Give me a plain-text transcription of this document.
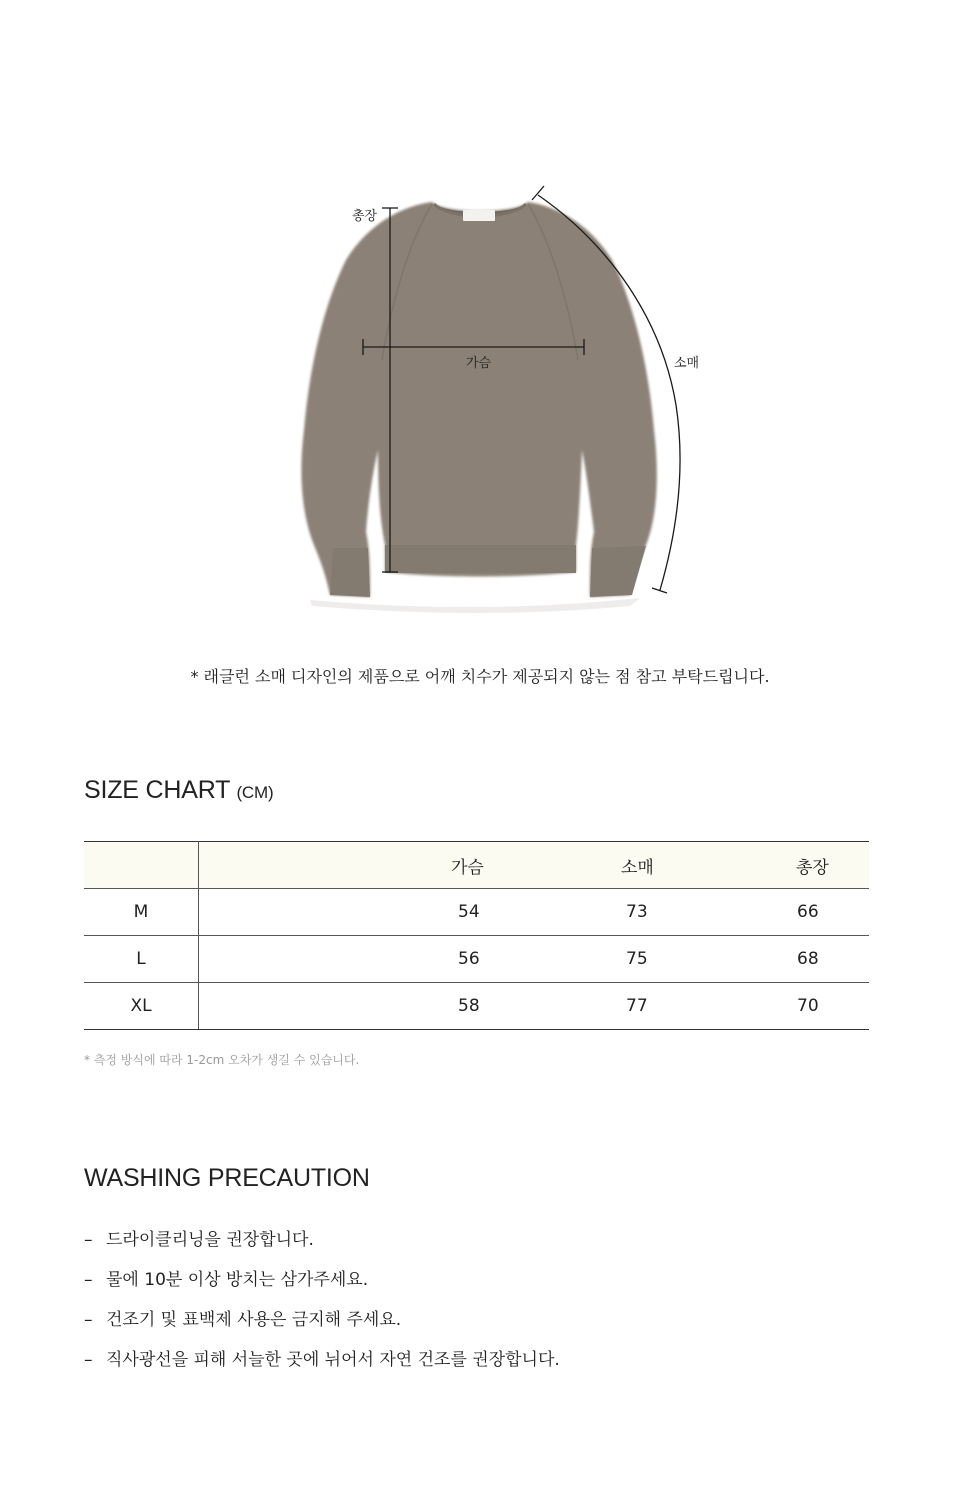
총장
가슴	소매
* 래글런 소매 디자인의 제품으로 어깨 치수가 제공되지 않는 점 참고 부탁드립니다.
SIZE CHART (CM)
	가슴	소매	총장
M	54	73	66
L	56	75	68
XL	58	77	70
* 측정 방식에 따라 1-2cm 오차가 생길 수 있습니다.
WASHING PRECAUTION
– 드라이클리닝을 권장합니다.
– 물에 10분 이상 방치는 삼가주세요.
– 건조기 및 표백제 사용은 금지해 주세요.
– 직사광선을 피해 서늘한 곳에 뉘어서 자연 건조를 권장합니다.
